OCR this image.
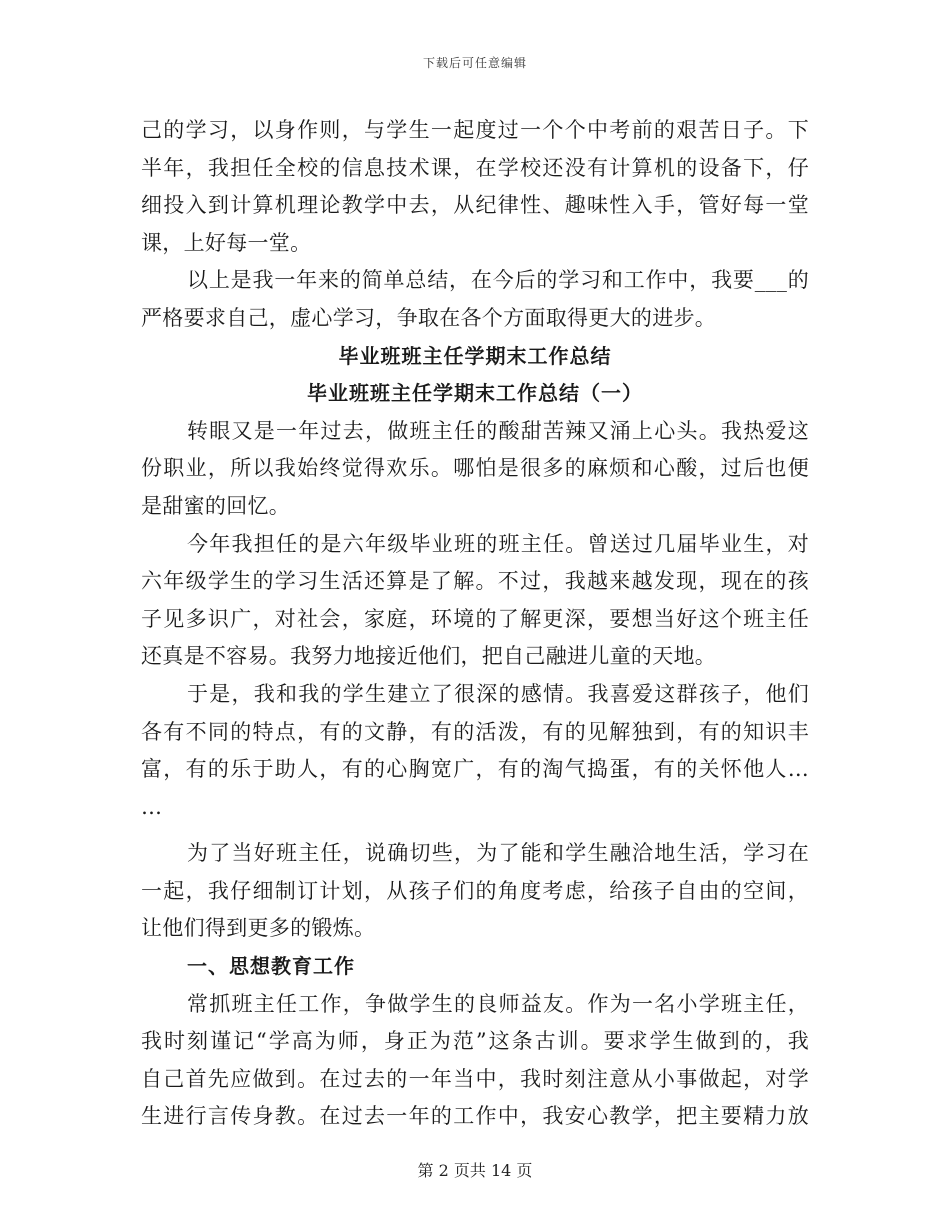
下载后可任意编辑
己的学习，以身作则，与学生一起度过一个个中考前的艰苦日子。下
半年，我担任全校的信息技术课，在学校还没有计算机的设备下，仔
细投入到计算机理论教学中去，从纪律性、趣味性入手，管好每一堂
课，上好每一堂。
以上是我一年来的简单总结，在今后的学习和工作中，我要___的
严格要求自己，虚心学习，争取在各个方面取得更大的进步。
毕业班班主任学期末工作总结
毕业班班主任学期末工作总结（一）
转眼又是一年过去，做班主任的酸甜苦辣又涌上心头。我热爱这
份职业，所以我始终觉得欢乐。哪怕是很多的麻烦和心酸，过后也便
是甜蜜的回忆。
今年我担任的是六年级毕业班的班主任。曾送过几届毕业生，对
六年级学生的学习生活还算是了解。不过，我越来越发现，现在的孩
子见多识广，对社会，家庭，环境的了解更深，要想当好这个班主任
还真是不容易。我努力地接近他们，把自己融进儿童的天地。
于是，我和我的学生建立了很深的感情。我喜爱这群孩子，他们
各有不同的特点，有的文静，有的活泼，有的见解独到，有的知识丰
富，有的乐于助人，有的心胸宽广，有的淘气捣蛋，有的关怀他人…
…
为了当好班主任，说确切些，为了能和学生融洽地生活，学习在
一起，我仔细制订计划，从孩子们的角度考虑，给孩子自由的空间，
让他们得到更多的锻炼。
一、思想教育工作
常抓班主任工作，争做学生的良师益友。作为一名小学班主任，
我时刻谨记“学高为师，身正为范”这条古训。要求学生做到的，我
自己首先应做到。在过去的一年当中，我时刻注意从小事做起，对学
生进行言传身教。在过去一年的工作中，我安心教学，把主要精力放
第 2 页共 14 页
